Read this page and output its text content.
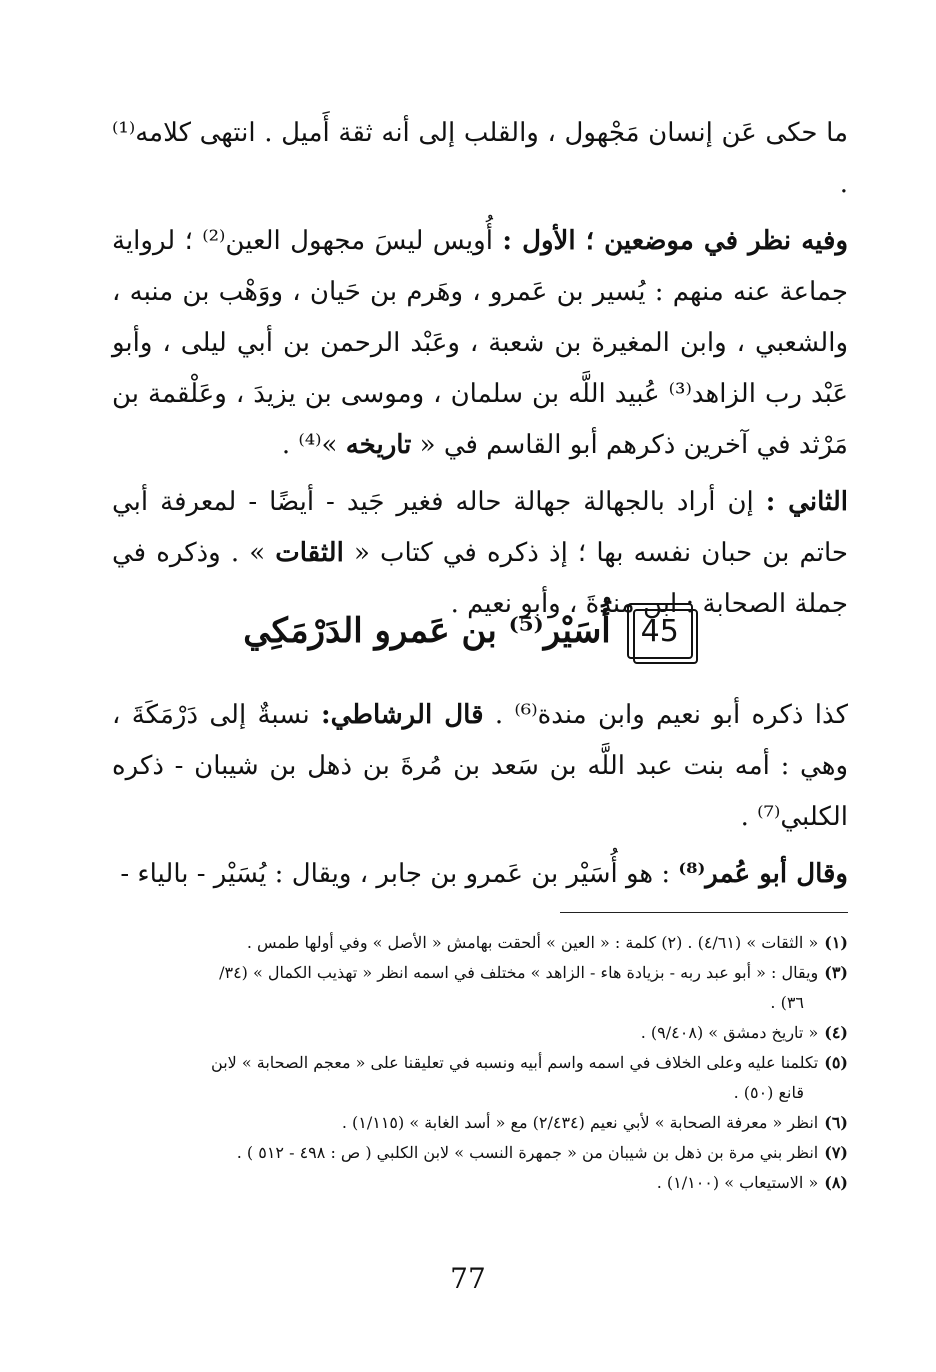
ما حكى عَن إنسان مَجْهول ، والقلب إلى أنه ثقة أَميل . انتهى كلامه⁽¹⁾ .

وفيه نظر في موضعين ؛ الأول : أُويس ليسَ مجهول العين⁽²⁾ ؛ لرواية جماعة عنه منهم : يُسير بن عَمرو ، وهَرم بن حَيان ، ووَهْب بن منبه ، والشعبي ، وابن المغيرة بن شعبة ، وعَبْد الرحمن بن أبي ليلى ، وأبو عَبْد رب الزاهد⁽³⁾ عُبيد اللَّه بن سلمان ، وموسى بن يزيدَ ، وعَلْقمة بن مَرْثد في آخرين ذكرهم أبو القاسم في « تاريخه »⁽⁴⁾ .

الثاني : إن أراد بالجهالة جهالة حاله فغير جَيد - أيضًا - لمعرفة أبي حاتم بن حبان نفسه بها ؛ إذ ذكره في كتاب « الثقات » . وذكره في جملة الصحابة : ابن مندةَ ، وأبو نعيم .

45
أُسَيْر⁽⁵⁾ بن عَمرو الدَرْمَكِي

كذا ذكره أبو نعيم وابن مندة⁽⁶⁾ . قال الرشاطي: نسبةٌ إلى دَرْمَكَةَ ، وهي : أمه بنت عبد اللَّه بن سَعد بن مُرةَ بن ذهل بن شيبان - ذكره الكلبي⁽⁷⁾ .

وقال أبو عُمر⁽⁸⁾ : هو أُسَيْر بن عَمرو بن جابر ، ويقال : يُسَيْر - بالياء -

(١)
« الثقات » (٤/٦١) . (٢) كلمة : « العين » ألحقت بهامش « الأصل » وفي أولها طمس .
(٣)
ويقال : « أبو عبد ربه - بزيادة هاء - الزاهد » مختلف في اسمه انظر « تهذيب الكمال » (٣٤/
٣٦) .
(٤)
« تاريخ دمشق » (٩/٤٠٨) .
(٥)
تكلمنا عليه وعلى الخلاف في اسمه واسم أبيه ونسبه في تعليقنا على « معجم الصحابة » لابن
قانع (٥٠) .
(٦)
انظر « معرفة الصحابة » لأبي نعيم (٢/٤٣٤) مع « أسد الغابة » (١/١١٥) .
(٧)
انظر بني مرة بن ذهل بن شيبان من « جمهرة النسب » لابن الكلبي ( ص : ٤٩٨ - ٥١٢ ) .
(٨)
« الاستيعاب » (١/١٠٠) .
77
